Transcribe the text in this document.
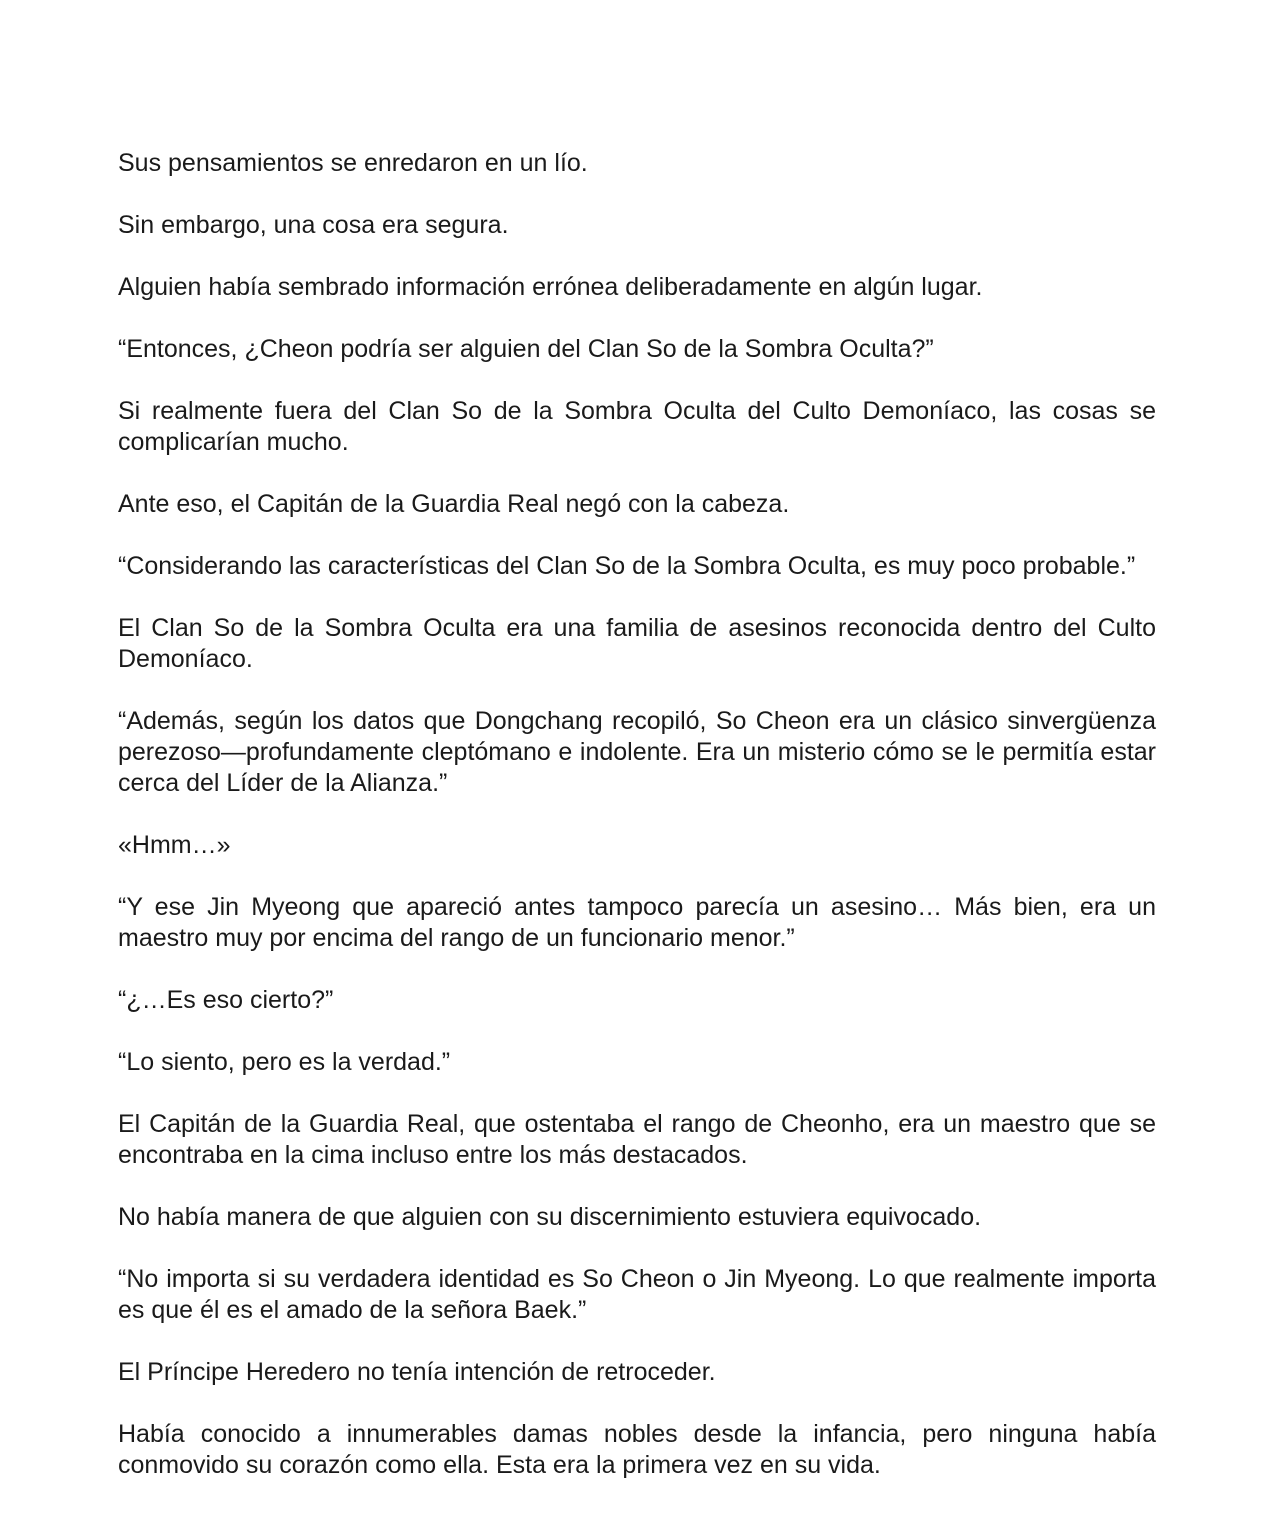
Sus pensamientos se enredaron en un lío.

Sin embargo, una cosa era segura.

Alguien había sembrado información errónea deliberadamente en algún lugar.

“Entonces, ¿Cheon podría ser alguien del Clan So de la Sombra Oculta?”

Si realmente fuera del Clan So de la Sombra Oculta del Culto Demoníaco, las cosas se complicarían mucho.

Ante eso, el Capitán de la Guardia Real negó con la cabeza.

“Considerando las características del Clan So de la Sombra Oculta, es muy poco probable.”

El Clan So de la Sombra Oculta era una familia de asesinos reconocida dentro del Culto Demoníaco.

“Además, según los datos que Dongchang recopiló, So Cheon era un clásico sinvergüenza perezoso—profundamente cleptómano e indolente. Era un misterio cómo se le permitía estar cerca del Líder de la Alianza.”

«Hmm…»

“Y ese Jin Myeong que apareció antes tampoco parecía un asesino… Más bien, era un maestro muy por encima del rango de un funcionario menor.”

“¿…Es eso cierto?”

“Lo siento, pero es la verdad.”

El Capitán de la Guardia Real, que ostentaba el rango de Cheonho, era un maestro que se encontraba en la cima incluso entre los más destacados.

No había manera de que alguien con su discernimiento estuviera equivocado.

“No importa si su verdadera identidad es So Cheon o Jin Myeong. Lo que realmente importa es que él es el amado de la señora Baek.”

El Príncipe Heredero no tenía intención de retroceder.

Había conocido a innumerables damas nobles desde la infancia, pero ninguna había conmovido su corazón como ella. Esta era la primera vez en su vida.
